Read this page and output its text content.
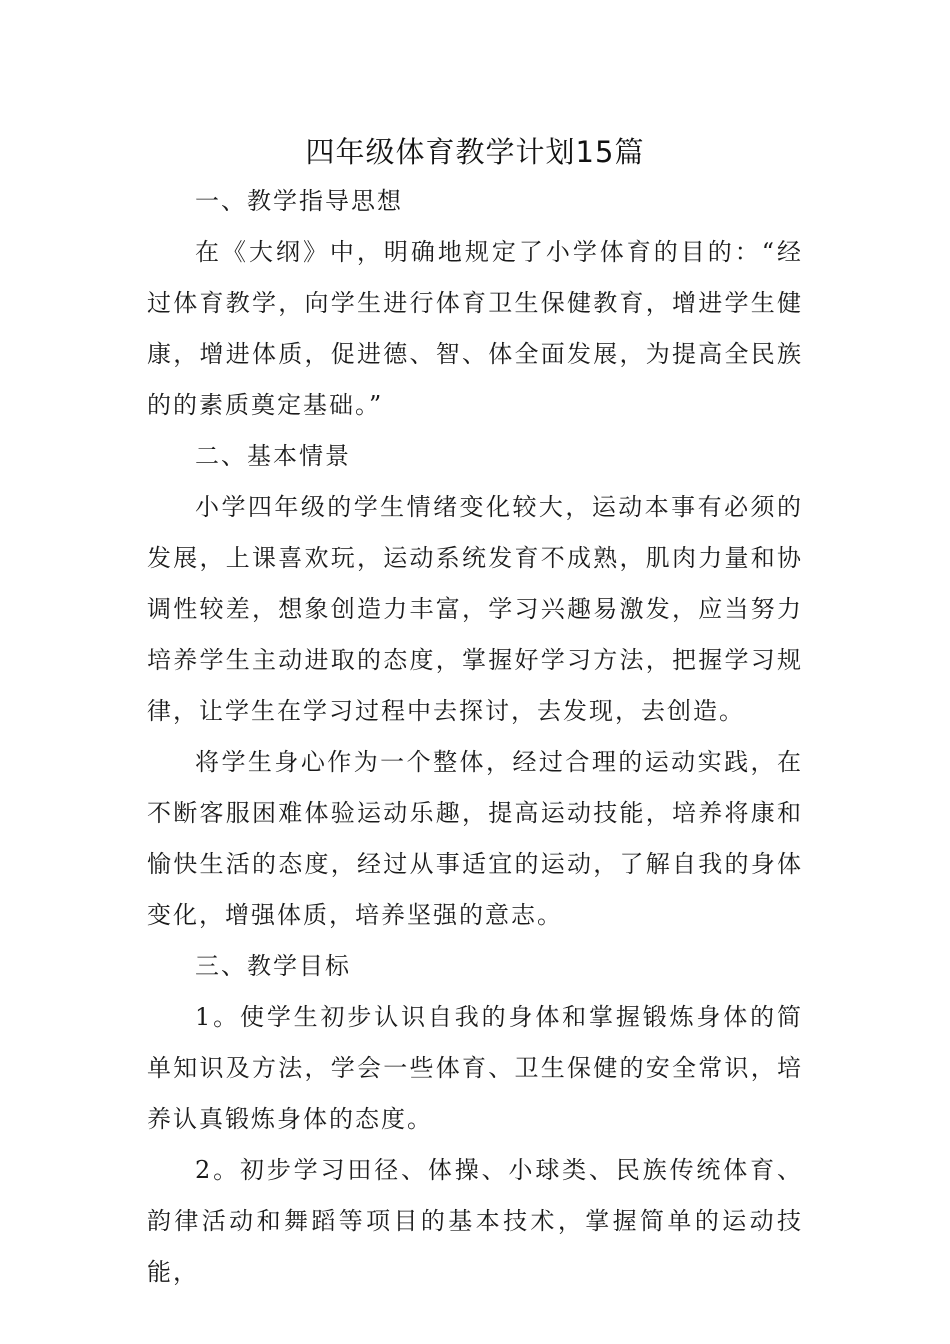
四年级体育教学计划15篇

一、教学指导思想

在《大纲》中，明确地规定了小学体育的目的：“经过体育教学，向学生进行体育卫生保健教育，增进学生健康，增进体质，促进德、智、体全面发展，为提高全民族的的素质奠定基础。”

二、基本情景

小学四年级的学生情绪变化较大，运动本事有必须的发展，上课喜欢玩，运动系统发育不成熟，肌肉力量和协调性较差，想象创造力丰富，学习兴趣易激发，应当努力培养学生主动进取的态度，掌握好学习方法，把握学习规律，让学生在学习过程中去探讨，去发现，去创造。

将学生身心作为一个整体，经过合理的运动实践，在不断客服困难体验运动乐趣，提高运动技能，培养将康和愉快生活的态度，经过从事适宜的运动，了解自我的身体变化，增强体质，培养坚强的意志。

三、教学目标

1。使学生初步认识自我的身体和掌握锻炼身体的简单知识及方法，学会一些体育、卫生保健的安全常识，培养认真锻炼身体的态度。

2。初步学习田径、体操、小球类、民族传统体育、韵律活动和舞蹈等项目的基本技术，掌握简单的运动技能，
